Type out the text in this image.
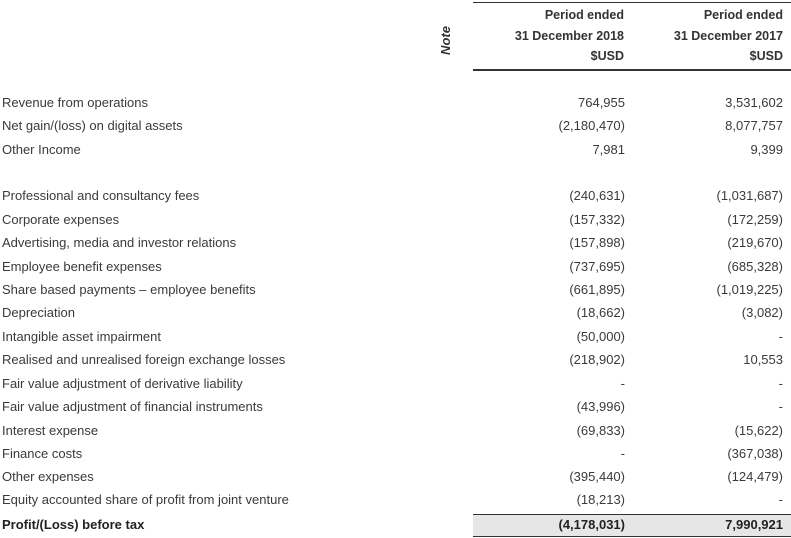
Note
Period ended
31 December 2018
$USD
Period ended
31 December 2017
$USD
Revenue from operations	764,955	3,531,602
Net gain/(loss) on digital assets	(2,180,470)	8,077,757
Other Income	7,981	9,399
Professional and consultancy fees	(240,631)	(1,031,687)
Corporate expenses	(157,332)	(172,259)
Advertising, media and investor relations	(157,898)	(219,670)
Employee benefit expenses	(737,695)	(685,328)
Share based payments – employee benefits	(661,895)	(1,019,225)
Depreciation	(18,662)	(3,082)
Intangible asset impairment	(50,000)	-
Realised and unrealised foreign exchange losses	(218,902)	10,553
Fair value adjustment of derivative liability	-	-
Fair value adjustment of financial instruments	(43,996)	-
Interest expense	(69,833)	(15,622)
Finance costs	-	(367,038)
Other expenses	(395,440)	(124,479)
Equity accounted share of profit from joint venture	(18,213)	-
Profit/(Loss) before tax	(4,178,031)	7,990,921
